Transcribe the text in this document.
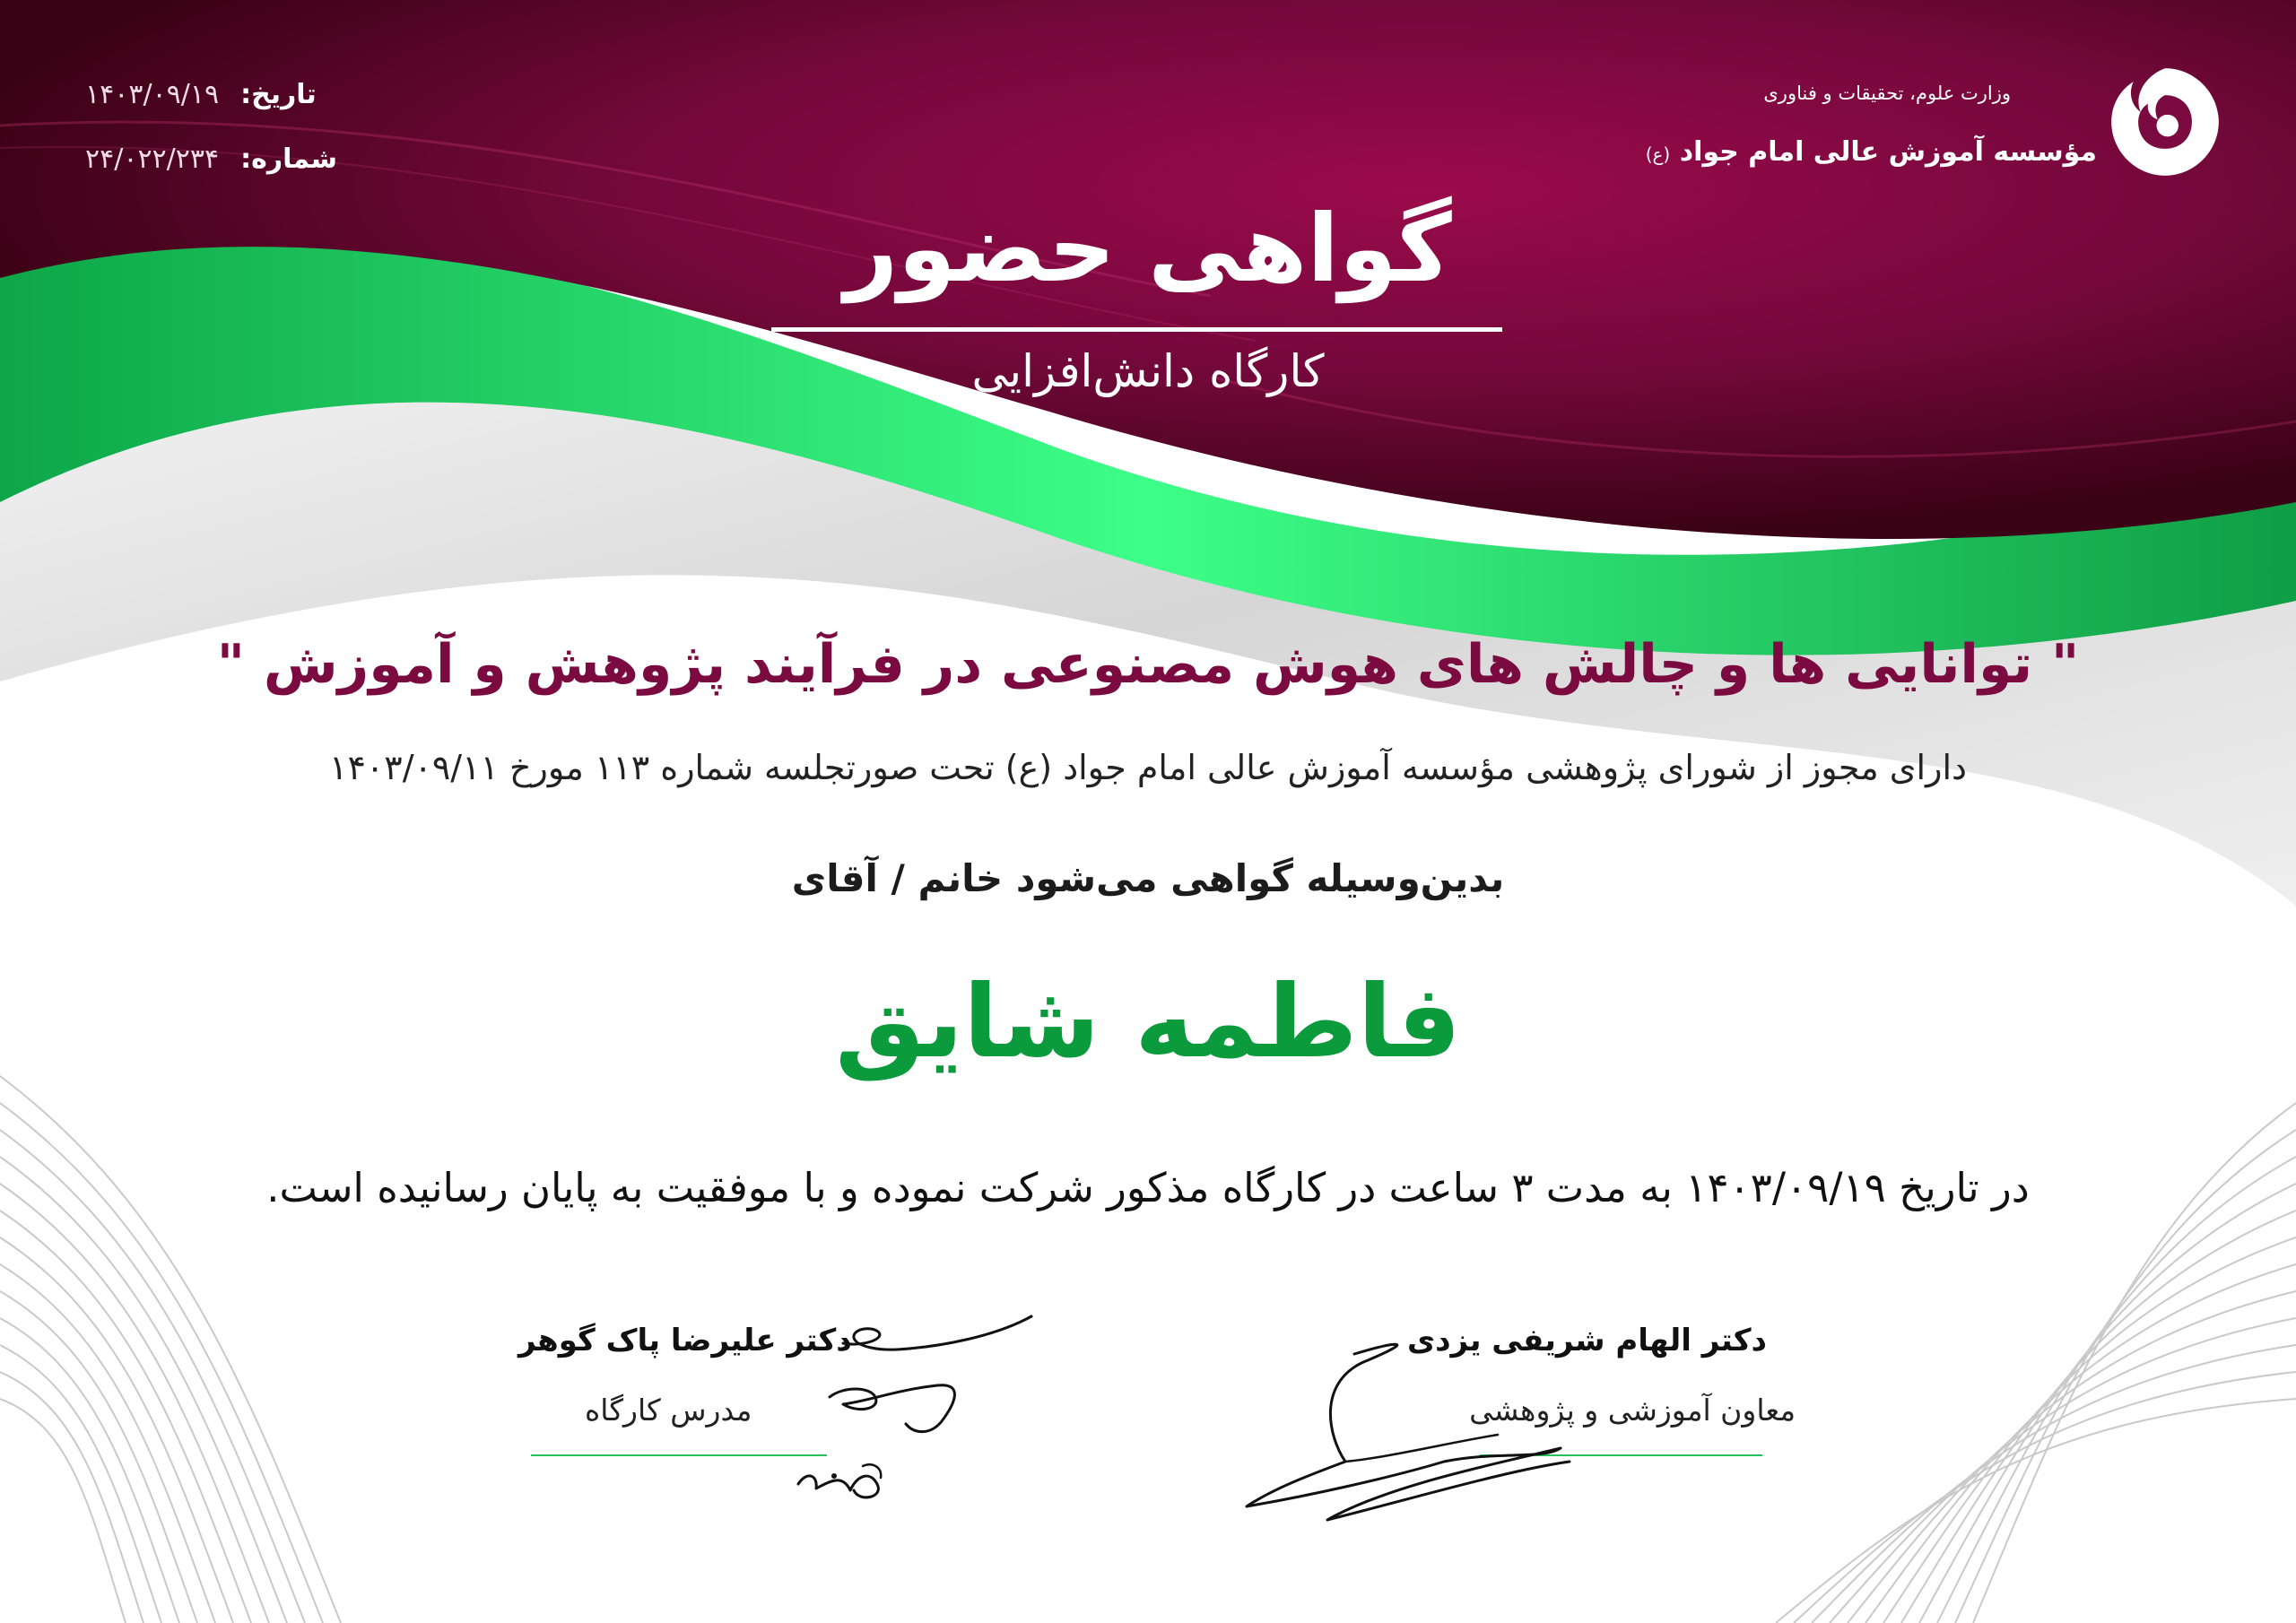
تاریخ:
۱۴۰۳/۰۹/۱۹
شماره:
۲۴/۰۲۲/۲۳۴
وزارت علوم، تحقیقات و فناوری
مؤسسه آموزش عالی امام جواد (ع)
گواهی حضور
کارگاه دانش‌افزایی
" توانایی ها و چالش های هوش مصنوعی در فرآیند پژوهش و آموزش "
دارای مجوز از شورای پژوهشی مؤسسه آموزش عالی امام جواد (ع) تحت صورتجلسه شماره ۱۱۳ مورخ ۱۴۰۳/۰۹/۱۱
بدین‌وسیله گواهی می‌شود خانم / آقای
فاطمه شایق
در تاریخ ۱۴۰۳/۰۹/۱۹ به مدت ۳ ساعت در کارگاه مذکور شرکت نموده و با موفقیت به پایان رسانیده است.
دکتر الهام شریفی یزدی
معاون آموزشی و پژوهشی
دکتر علیرضا پاک گوهر
مدرس کارگاه
